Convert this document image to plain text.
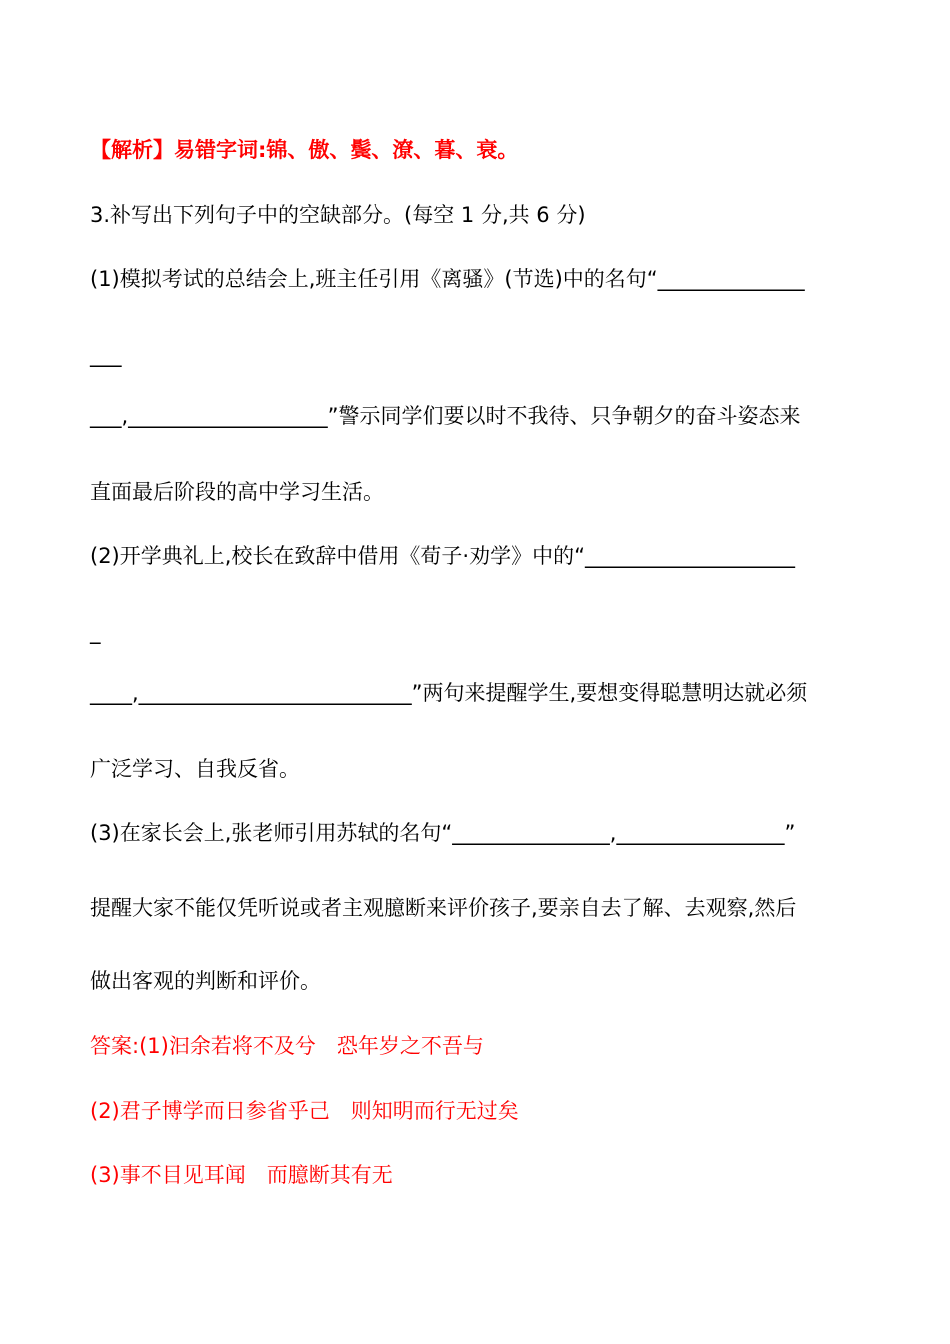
【解析】易错字词:锦、傲、鬓、潦、暮、衰。
3.补写出下列句子中的空缺部分。(每空 1 分,共 6 分)
(1)模拟考试的总结会上,班主任引用《离骚》(节选)中的名句“______________
___
___,___________________”警示同学们要以时不我待、只争朝夕的奋斗姿态来
直面最后阶段的高中学习生活。
(2)开学典礼上,校长在致辞中借用《荀子·劝学》中的“____________________
_
____,__________________________”两句来提醒学生,要想变得聪慧明达就必须
广泛学习、自我反省。
(3)在家长会上,张老师引用苏轼的名句“_______________,________________”
提醒大家不能仅凭听说或者主观臆断来评价孩子,要亲自去了解、去观察,然后
做出客观的判断和评价。
答案:(1)汩余若将不及兮　恐年岁之不吾与
(2)君子博学而日参省乎己　则知明而行无过矣
(3)事不目见耳闻　而臆断其有无
